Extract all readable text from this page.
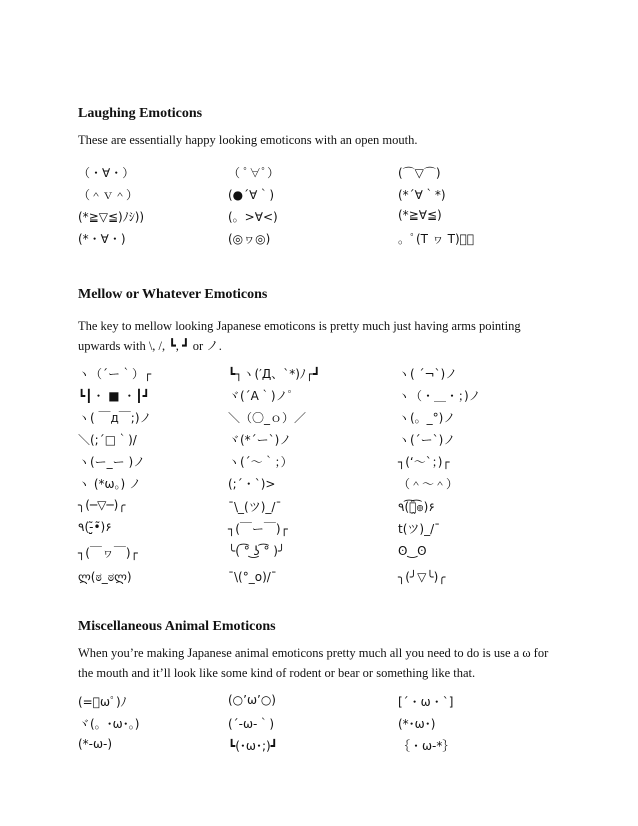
Laughing Emoticons
These are essentially happy looking emoticons with an open mouth.
（・∀・）	（ ﾟ∀ﾟ）	(⌒▽⌒)
（＾ｖ＾）	(●´∀｀)	(*´∀｀*)
(*≧▽≦)ﾉｼ))	(。>∀<)	(*≧∀≦)
(*・∀・)	(◎ヮ◎)	。ﾟ(T ヮ T)ﾟ。
Mellow or Whatever Emoticons
The key to mellow looking Japanese emoticons is pretty much just having arms pointing upwards with \, /, ┗, ┛ or ノ.
ヽ（´ー｀）┌	┗┐ヽ(′Д、`*)ﾉ┌┛	ヽ( ´¬`)ノ
┗┃・ ■ ・┃┛	ヾ(´A｀)ノﾟ	ヽ（・＿・；)ノ
ヽ( ￣д￣;)ノ	＼（〇_ｏ）／	ヽ(。_°)ノ
＼(;´□｀)/	ヾ(*´ー`)ノ	ヽ(´ー`)ノ
ヽ(ー_ー )ノ	ヽ(´～｀；）	┐(‘～`；)┌
ヽ (*ω。) ノ	(;´・`)>	（＾～＾）
╮(─▽─)╭	¯\_(ツ)_/¯	٩(͡๏̯͡๏)۶
٩(-̮̮̃•̃)۶	┐(￣ー￣)┌	t(ツ)_/¯
┐(￣ヮ￣)┌	╰( ͡° ͜ʖ ͡° )╯	ʘ‿ʘ
ლ(ಠ_ಠლ)	¯\(°_o)/¯	╮(╯▽╰)╭
Miscellaneous Animal Emoticons
When you’re making Japanese animal emoticons pretty much all you need to do is use a ω for the mouth and it’ll look like some kind of rodent or bear or something like that.
(=ﾟωﾟ)ﾉ	(○’ω’○)	[´・ω・`]
ヾ(。･ω･。)	(´-ω-｀)	(*･ω･)
(*-ω-)	┗(･ω･;)┛	｛・ω-*｝
